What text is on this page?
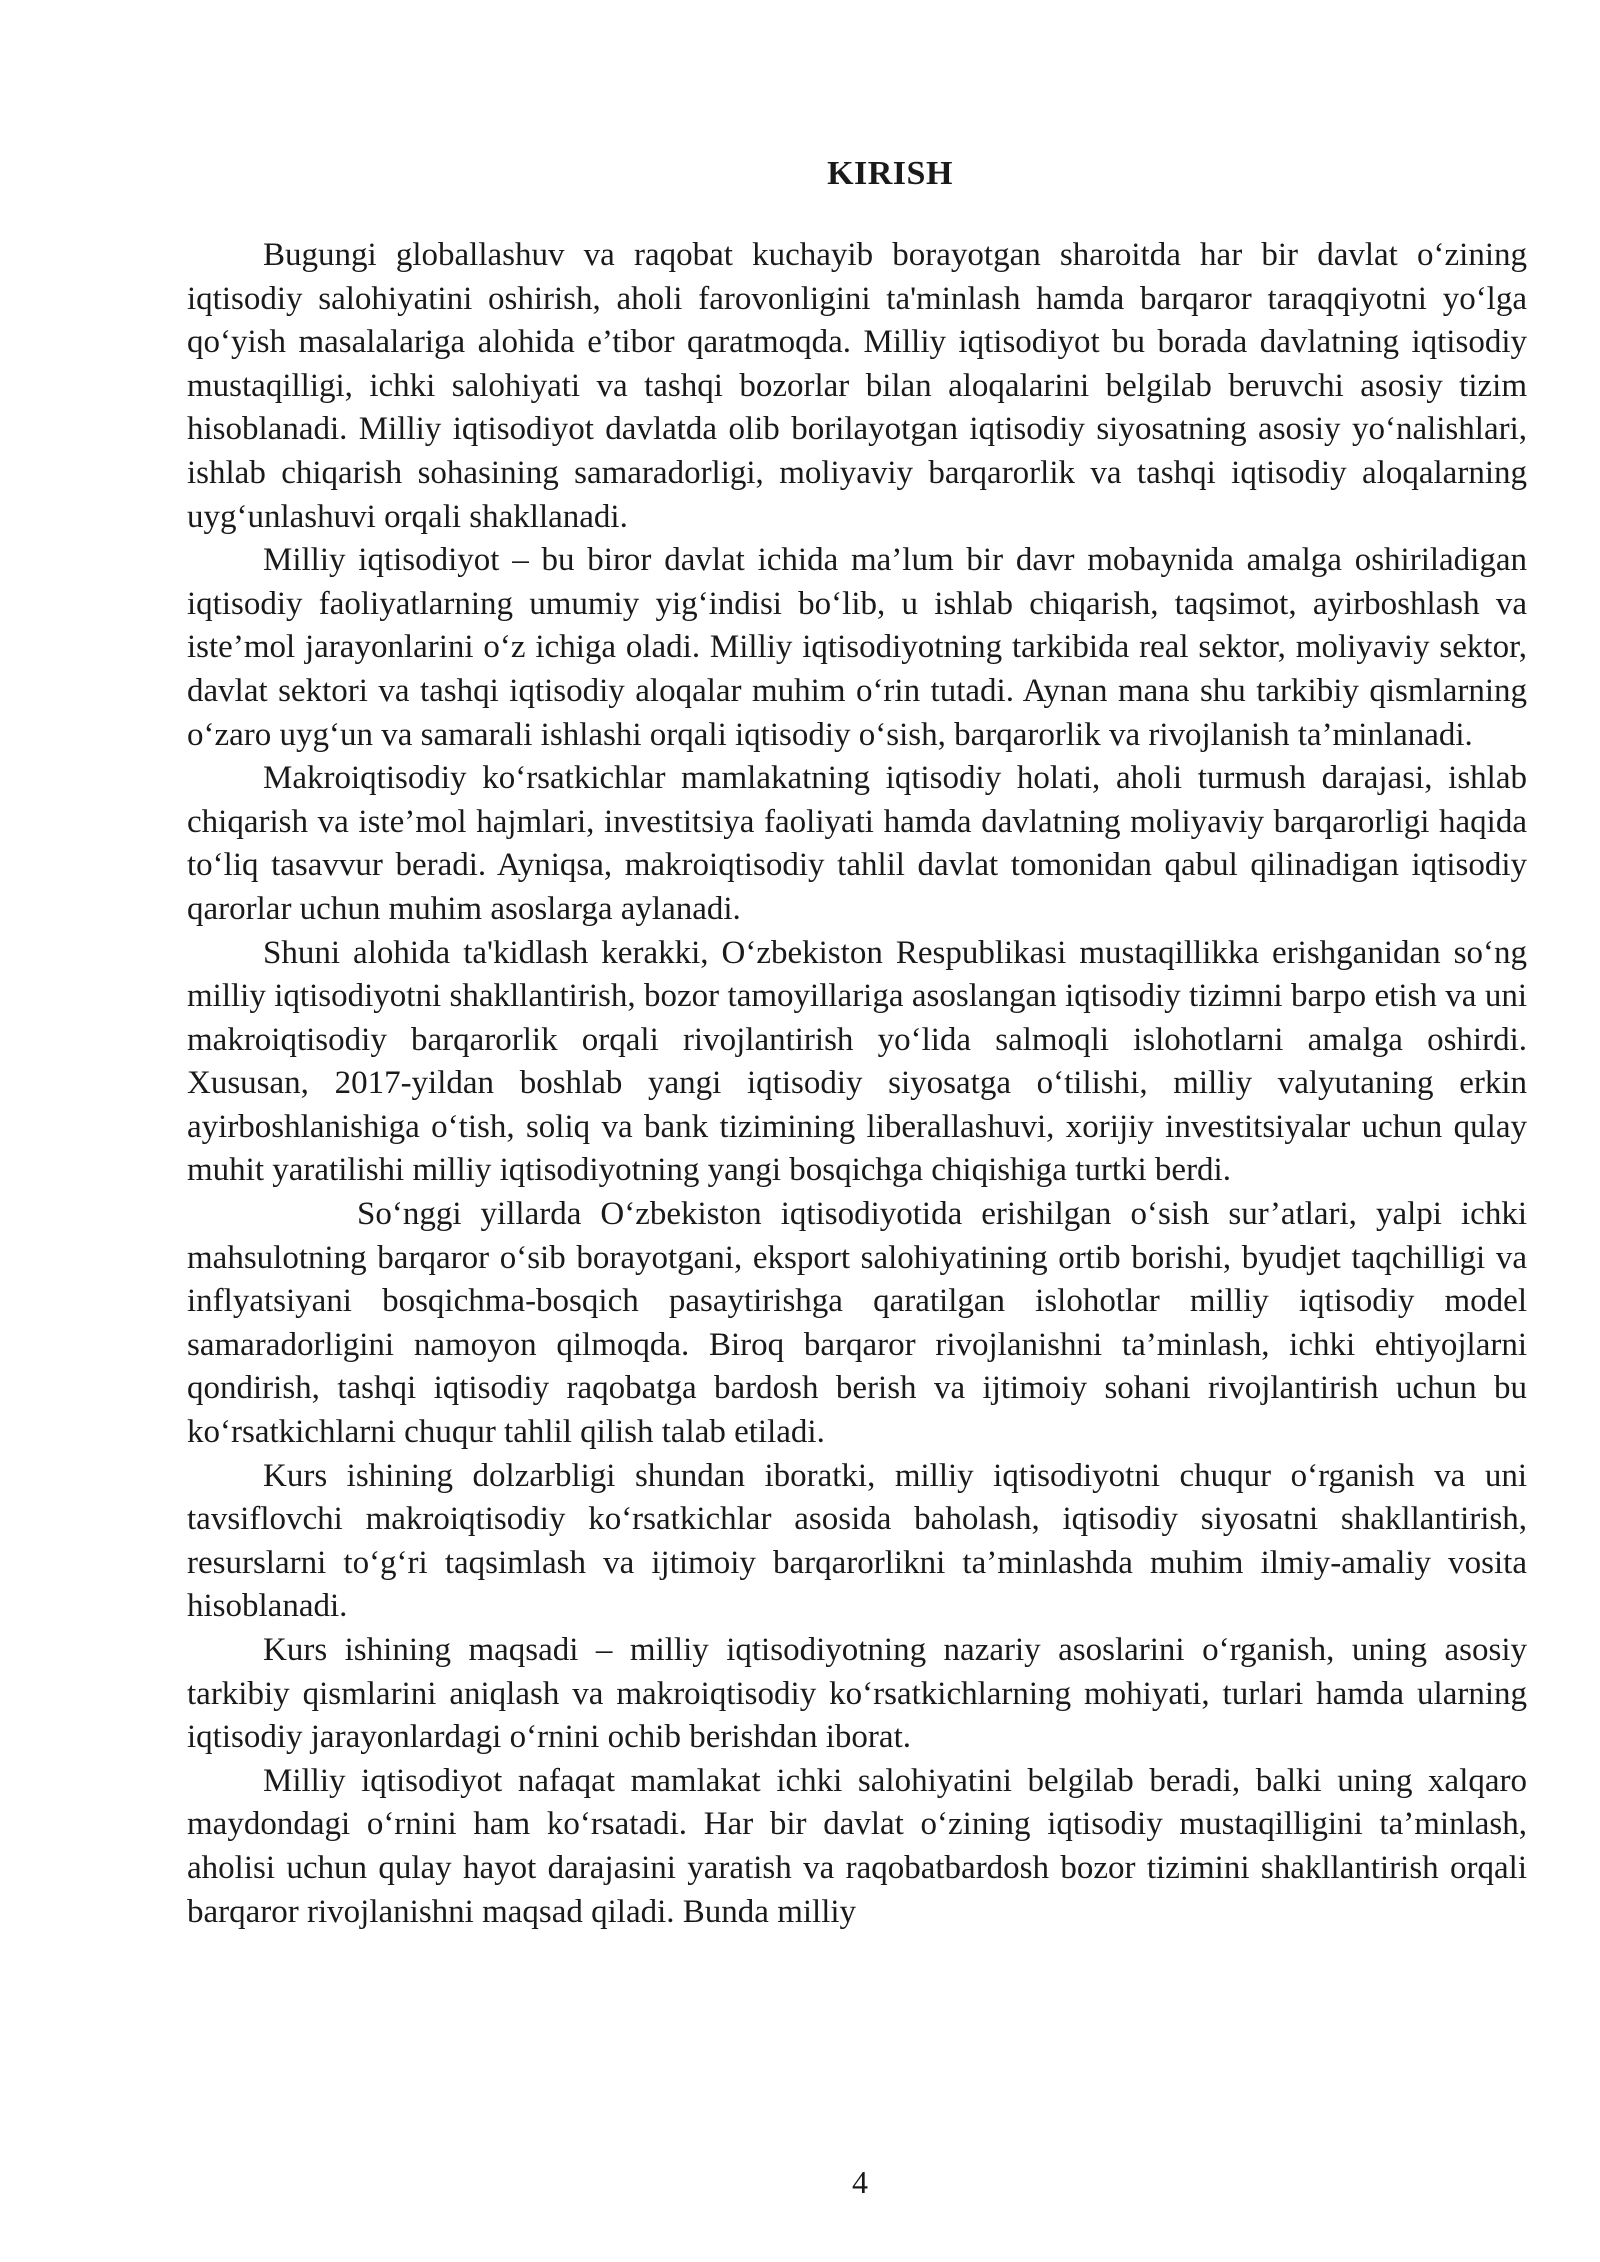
KIRISH

Bugungi globallashuv va raqobat kuchayib borayotgan sharoitda har bir davlat o‘zining iqtisodiy salohiyatini oshirish, aholi farovonligini ta'minlash hamda barqaror taraqqiyotni yo‘lga qo‘yish masalalariga alohida e’tibor qaratmoqda. Milliy iqtisodiyot bu borada davlatning iqtisodiy mustaqilligi, ichki salohiyati va tashqi bozorlar bilan aloqalarini belgilab beruvchi asosiy tizim hisoblanadi. Milliy iqtisodiyot davlatda olib borilayotgan iqtisodiy siyosatning asosiy yo‘nalishlari, ishlab chiqarish sohasining samaradorligi, moliyaviy barqarorlik va tashqi iqtisodiy aloqalarning uyg‘unlashuvi orqali shakllanadi.

Milliy iqtisodiyot – bu biror davlat ichida ma’lum bir davr mobaynida amalga oshiriladigan iqtisodiy faoliyatlarning umumiy yig‘indisi bo‘lib, u ishlab chiqarish, taqsimot, ayirboshlash va iste’mol jarayonlarini o‘z ichiga oladi. Milliy iqtisodiyotning tarkibida real sektor, moliyaviy sektor, davlat sektori va tashqi iqtisodiy aloqalar muhim o‘rin tutadi. Aynan mana shu tarkibiy qismlarning o‘zaro uyg‘un va samarali ishlashi orqali iqtisodiy o‘sish, barqarorlik va rivojlanish ta’minlanadi.

Makroiqtisodiy ko‘rsatkichlar mamlakatning iqtisodiy holati, aholi turmush darajasi, ishlab chiqarish va iste’mol hajmlari, investitsiya faoliyati hamda davlatning moliyaviy barqarorligi haqida to‘liq tasavvur beradi. Ayniqsa, makroiqtisodiy tahlil davlat tomonidan qabul qilinadigan iqtisodiy qarorlar uchun muhim asoslarga aylanadi.

Shuni alohida ta'kidlash kerakki, O‘zbekiston Respublikasi mustaqillikka erishganidan so‘ng milliy iqtisodiyotni shakllantirish, bozor tamoyillariga asoslangan iqtisodiy tizimni barpo etish va uni makroiqtisodiy barqarorlik orqali rivojlantirish yo‘lida salmoqli islohotlarni amalga oshirdi. Xususan, 2017-yildan boshlab yangi iqtisodiy siyosatga o‘tilishi, milliy valyutaning erkin ayirboshlanishiga o‘tish, soliq va bank tizimining liberallashuvi, xorijiy investitsiyalar uchun qulay muhit yaratilishi milliy iqtisodiyotning yangi bosqichga chiqishiga turtki berdi.

So‘nggi yillarda O‘zbekiston iqtisodiyotida erishilgan o‘sish sur’atlari, yalpi ichki mahsulotning barqaror o‘sib borayotgani, eksport salohiyatining ortib borishi, byudjet taqchilligi va inflyatsiyani bosqichma-bosqich pasaytirishga qaratilgan islohotlar milliy iqtisodiy model samaradorligini namoyon qilmoqda. Biroq barqaror rivojlanishni ta’minlash, ichki ehtiyojlarni qondirish, tashqi iqtisodiy raqobatga bardosh berish va ijtimoiy sohani rivojlantirish uchun bu ko‘rsatkichlarni chuqur tahlil qilish talab etiladi.

Kurs ishining dolzarbligi shundan iboratki, milliy iqtisodiyotni chuqur o‘rganish va uni tavsiflovchi makroiqtisodiy ko‘rsatkichlar asosida baholash, iqtisodiy siyosatni shakllantirish, resurslarni to‘g‘ri taqsimlash va ijtimoiy barqarorlikni ta’minlashda muhim ilmiy-amaliy vosita hisoblanadi.

Kurs ishining maqsadi – milliy iqtisodiyotning nazariy asoslarini o‘rganish, uning asosiy tarkibiy qismlarini aniqlash va makroiqtisodiy ko‘rsatkichlarning mohiyati, turlari hamda ularning iqtisodiy jarayonlardagi o‘rnini ochib berishdan iborat.

Milliy iqtisodiyot nafaqat mamlakat ichki salohiyatini belgilab beradi, balki uning xalqaro maydondagi o‘rnini ham ko‘rsatadi. Har bir davlat o‘zining iqtisodiy mustaqilligini ta’minlash, aholisi uchun qulay hayot darajasini yaratish va raqobatbardosh bozor tizimini shakllantirish orqali barqaror rivojlanishni maqsad qiladi. Bunda milliy

4
